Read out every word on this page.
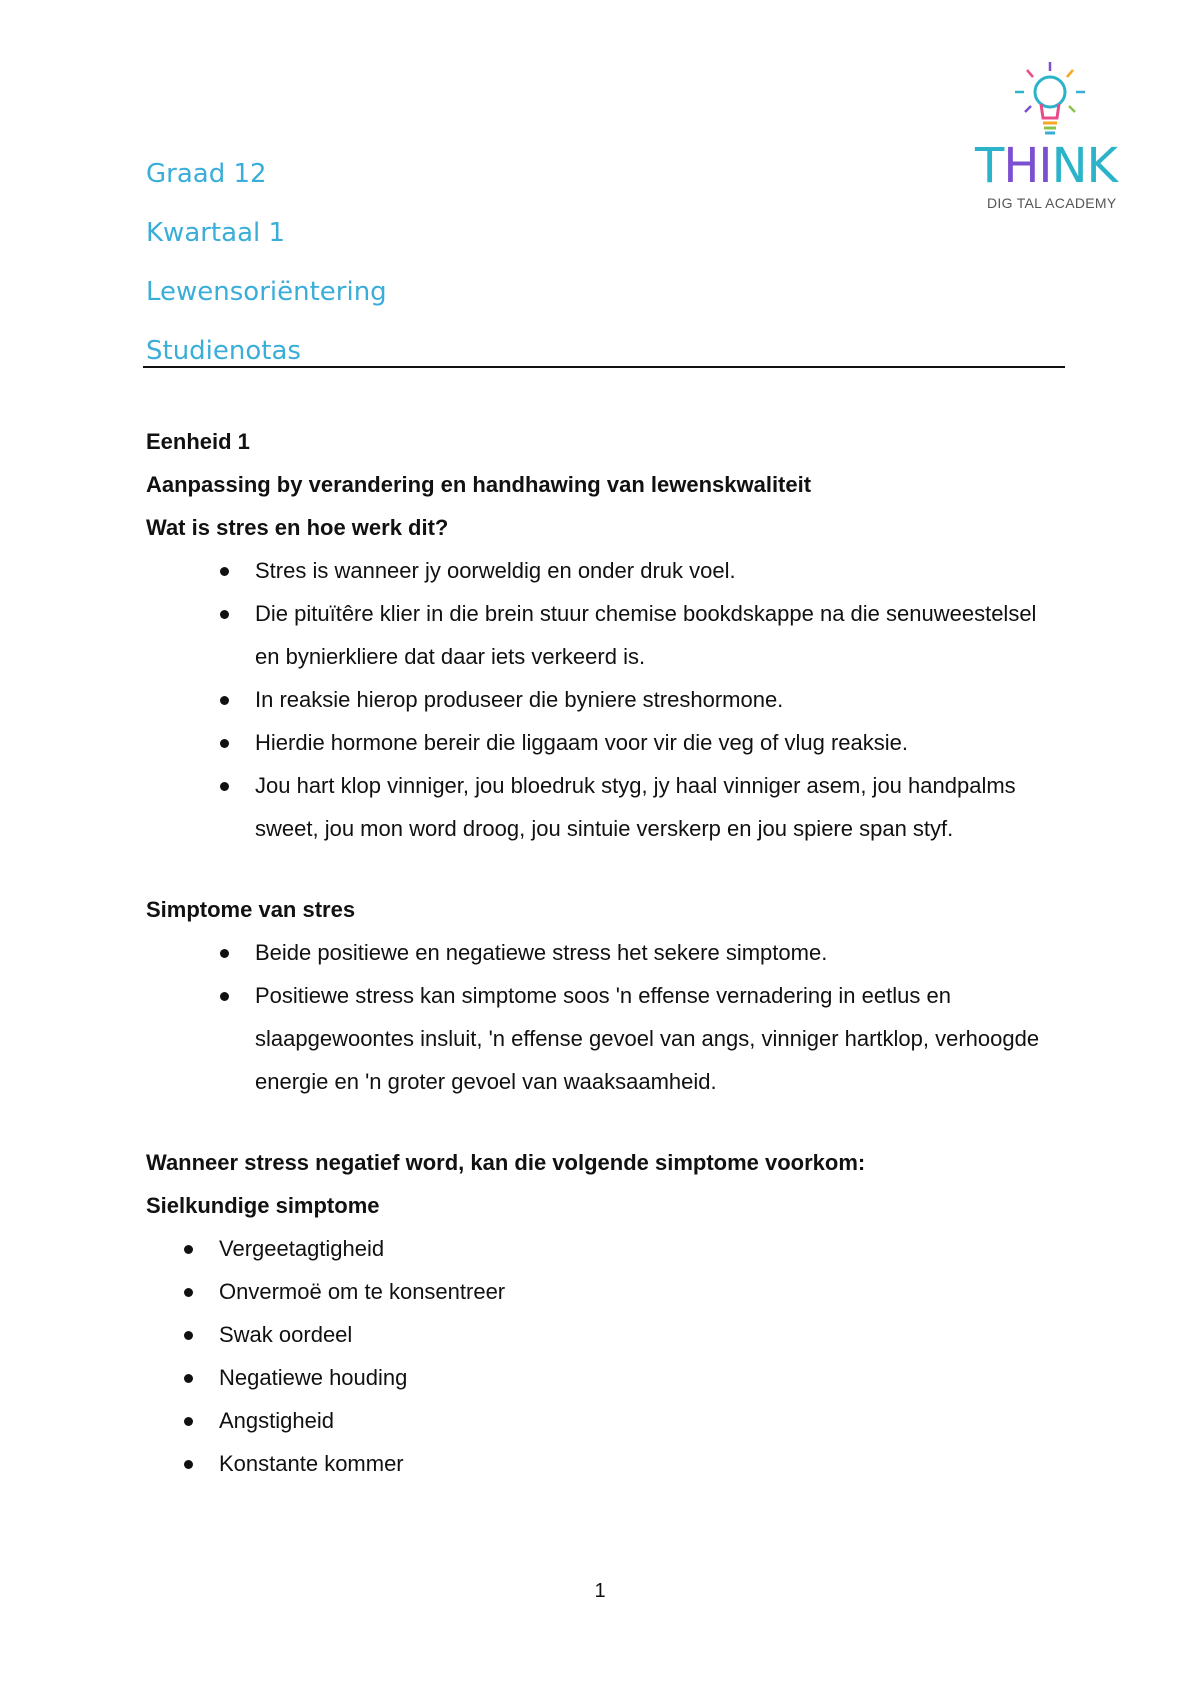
Graad 12

Kwartaal 1

Lewensoriëntering

Studienotas

THINK
DIG TAL ACADEMY

Eenheid 1

Aanpassing by verandering en handhawing van lewenskwaliteit

Wat is stres en hoe werk dit?

Stres is wanneer jy oorweldig en onder druk voel.
Die pituïtêre klier in die brein stuur chemise bookdskappe na die senuweestelsel en bynierkliere dat daar iets verkeerd is.
In reaksie hierop produseer die byniere streshormone.
Hierdie hormone bereir die liggaam voor vir die veg of vlug reaksie.
Jou hart klop vinniger, jou bloedruk styg, jy haal vinniger asem, jou handpalms sweet, jou mon word droog, jou sintuie verskerp en jou spiere span styf.

Simptome van stres

Beide positiewe en negatiewe stress het sekere simptome.
Positiewe stress kan simptome soos 'n effense vernadering in eetlus en slaapgewoontes insluit, 'n effense gevoel van angs, vinniger hartklop, verhoogde energie en 'n groter gevoel van waaksaamheid.

Wanneer stress negatief word, kan die volgende simptome voorkom:

Sielkundige simptome

Vergeetagtigheid
Onvermoë om te konsentreer
Swak oordeel
Negatiewe houding
Angstigheid
Konstante kommer
1
